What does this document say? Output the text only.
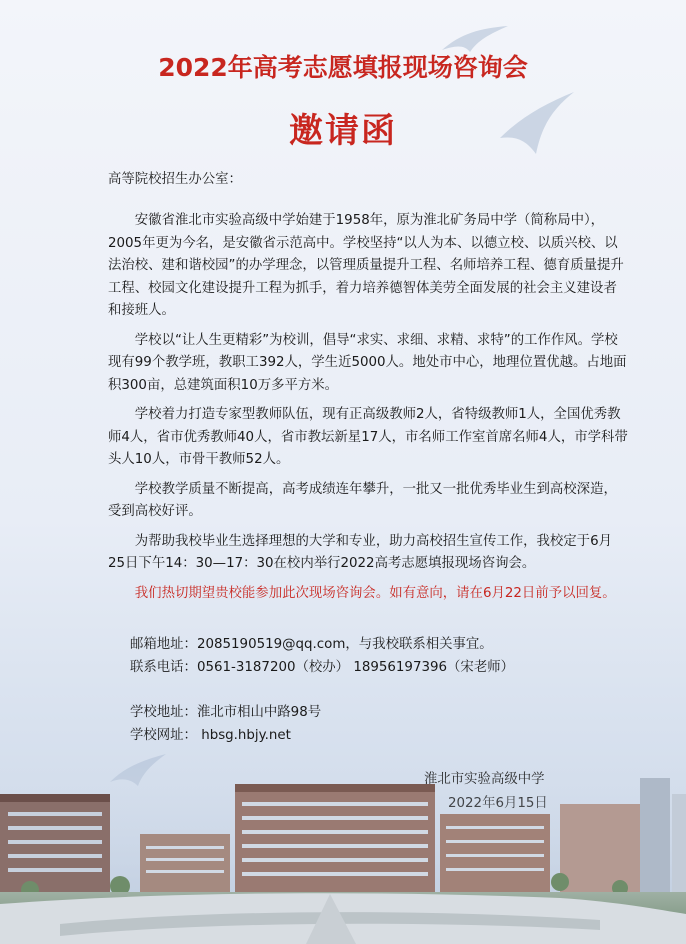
2022年高考志愿填报现场咨询会
邀请函
高等院校招生办公室：

安徽省淮北市实验高级中学始建于1958年，原为淮北矿务局中学（简称局中），2005年更为今名，是安徽省示范高中。学校坚持“以人为本、以德立校、以质兴校、以法治校、建和谐校园”的办学理念，以管理质量提升工程、名师培养工程、德育质量提升工程、校园文化建设提升工程为抓手，着力培养德智体美劳全面发展的社会主义建设者和接班人。

学校以“让人生更精彩”为校训，倡导“求实、求细、求精、求特”的工作作风。学校现有99个教学班，教职工392人，学生近5000人。地处市中心，地理位置优越。占地面积300亩，总建筑面积10万多平方米。

学校着力打造专家型教师队伍，现有正高级教师2人，省特级教师1人，全国优秀教师4人，省市优秀教师40人，省市教坛新星17人，市名师工作室首席名师4人，市学科带头人10人，市骨干教师52人。

学校教学质量不断提高，高考成绩连年攀升，一批又一批优秀毕业生到高校深造，受到高校好评。

为帮助我校毕业生选择理想的大学和专业，助力高校招生宣传工作，我校定于6月25日下午14：30—17：30在校内举行2022高考志愿填报现场咨询会。

我们热切期望贵校能参加此次现场咨询会。如有意向，请在6月22日前予以回复。

邮箱地址：2085190519@qq.com，与我校联系相关事宜。
联系电话：0561-3187200（校办） 18956197396（宋老师）
学校地址：淮北市相山中路98号
学校网址： hbsg.hbjy.net
